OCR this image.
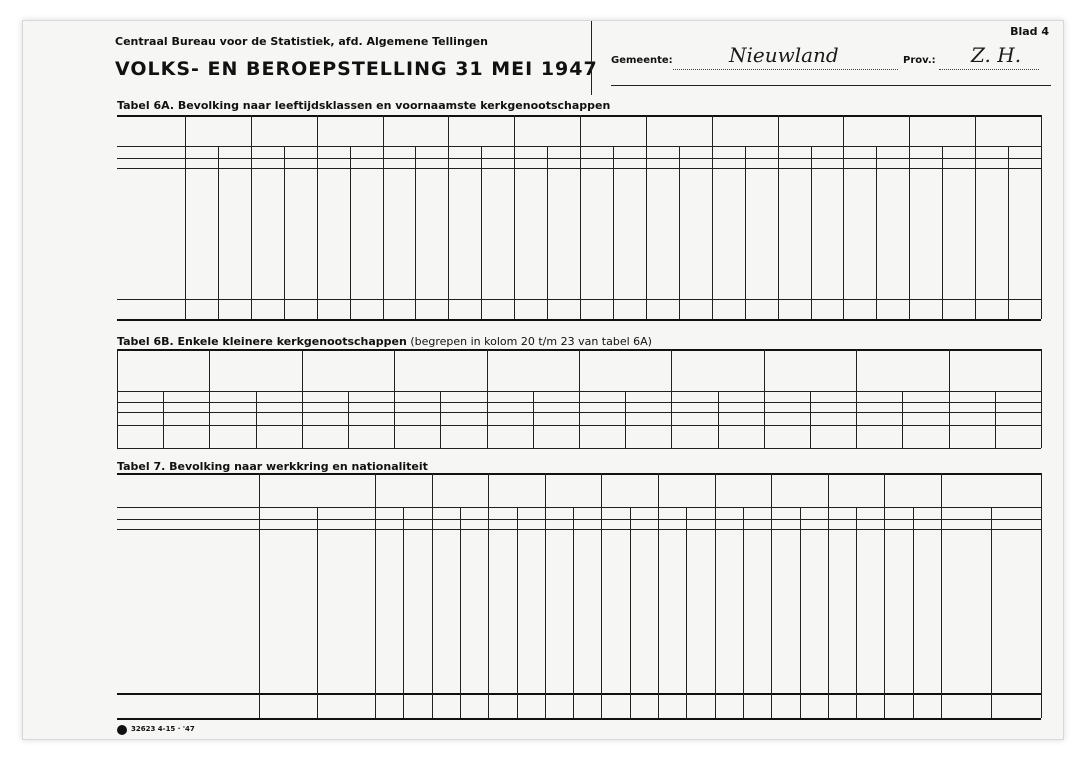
Blad 4
Centraal Bureau voor de Statistiek, afd. Algemene Tellingen
VOLKS- EN BEROEPSTELLING 31 MEI 1947 Gemeente:	Nieuwland	Prov.: Z. H.
Tabel 6A. Bevolking naar leeftijdsklassen en voornaamste kerkgenootschappen
Tabel 6B. Enkele kleinere kerkgenootschappen (begrepen in kolom 20 t/m 23 van tabel 6A)
Tabel 7. Bevolking naar werkkring en nationaliteit
32623 4-15 · '47
